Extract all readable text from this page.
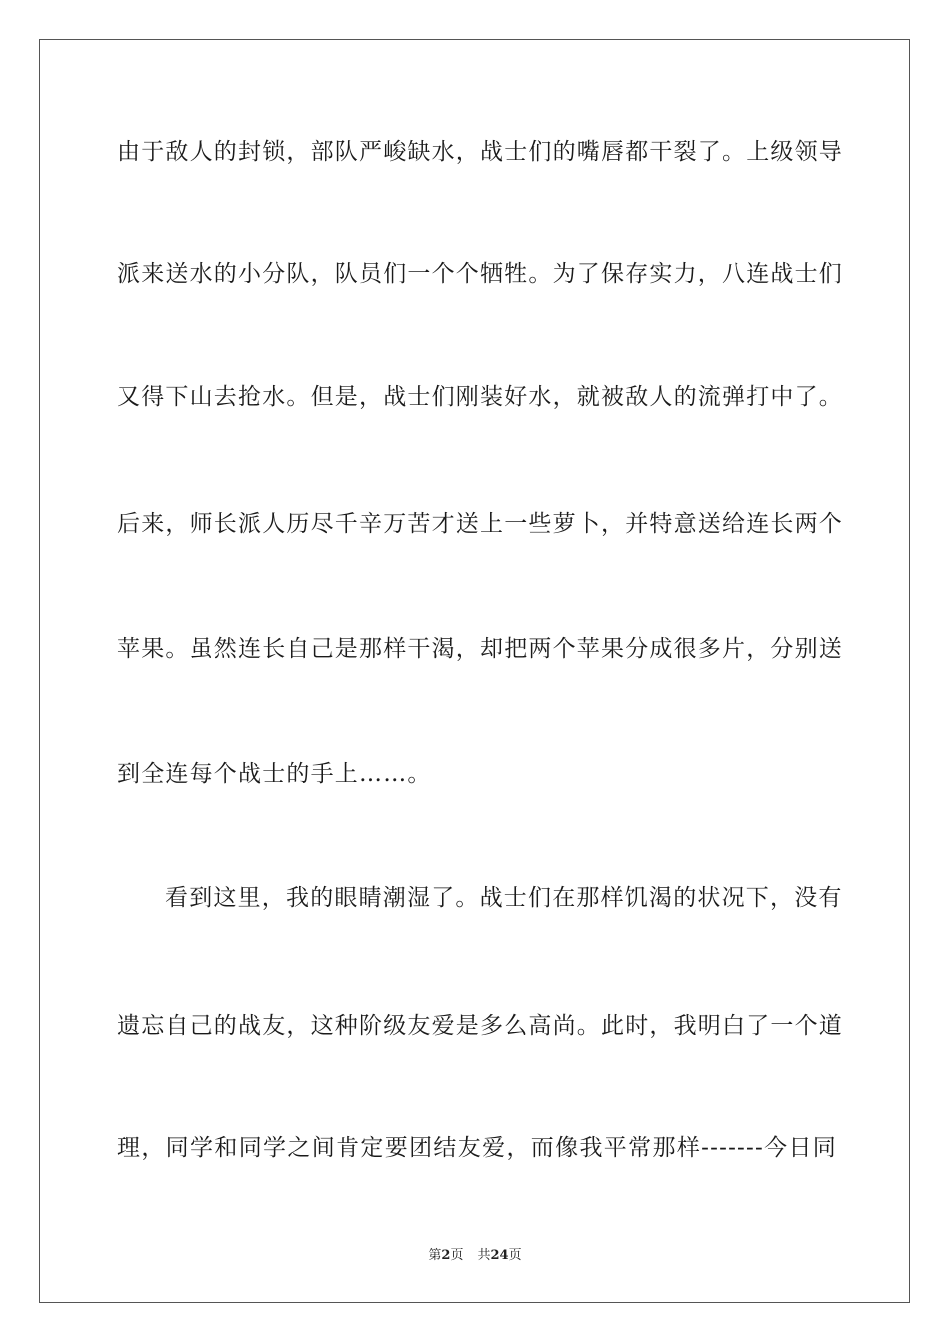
由于敌人的封锁，部队严峻缺水，战士们的嘴唇都干裂了。上级领导
派来送水的小分队，队员们一个个牺牲。为了保存实力，八连战士们
又得下山去抢水。但是，战士们刚装好水，就被敌人的流弹打中了。
后来，师长派人历尽千辛万苦才送上一些萝卜，并特意送给连长两个
苹果。虽然连长自己是那样干渴，却把两个苹果分成很多片，分别送
到全连每个战士的手上……。
看到这里，我的眼睛潮湿了。战士们在那样饥渴的状况下，没有
遗忘自己的战友，这种阶级友爱是多么高尚。此时，我明白了一个道
理，同学和同学之间肯定要团结友爱，而像我平常那样-------今日同
第2页 共24页
